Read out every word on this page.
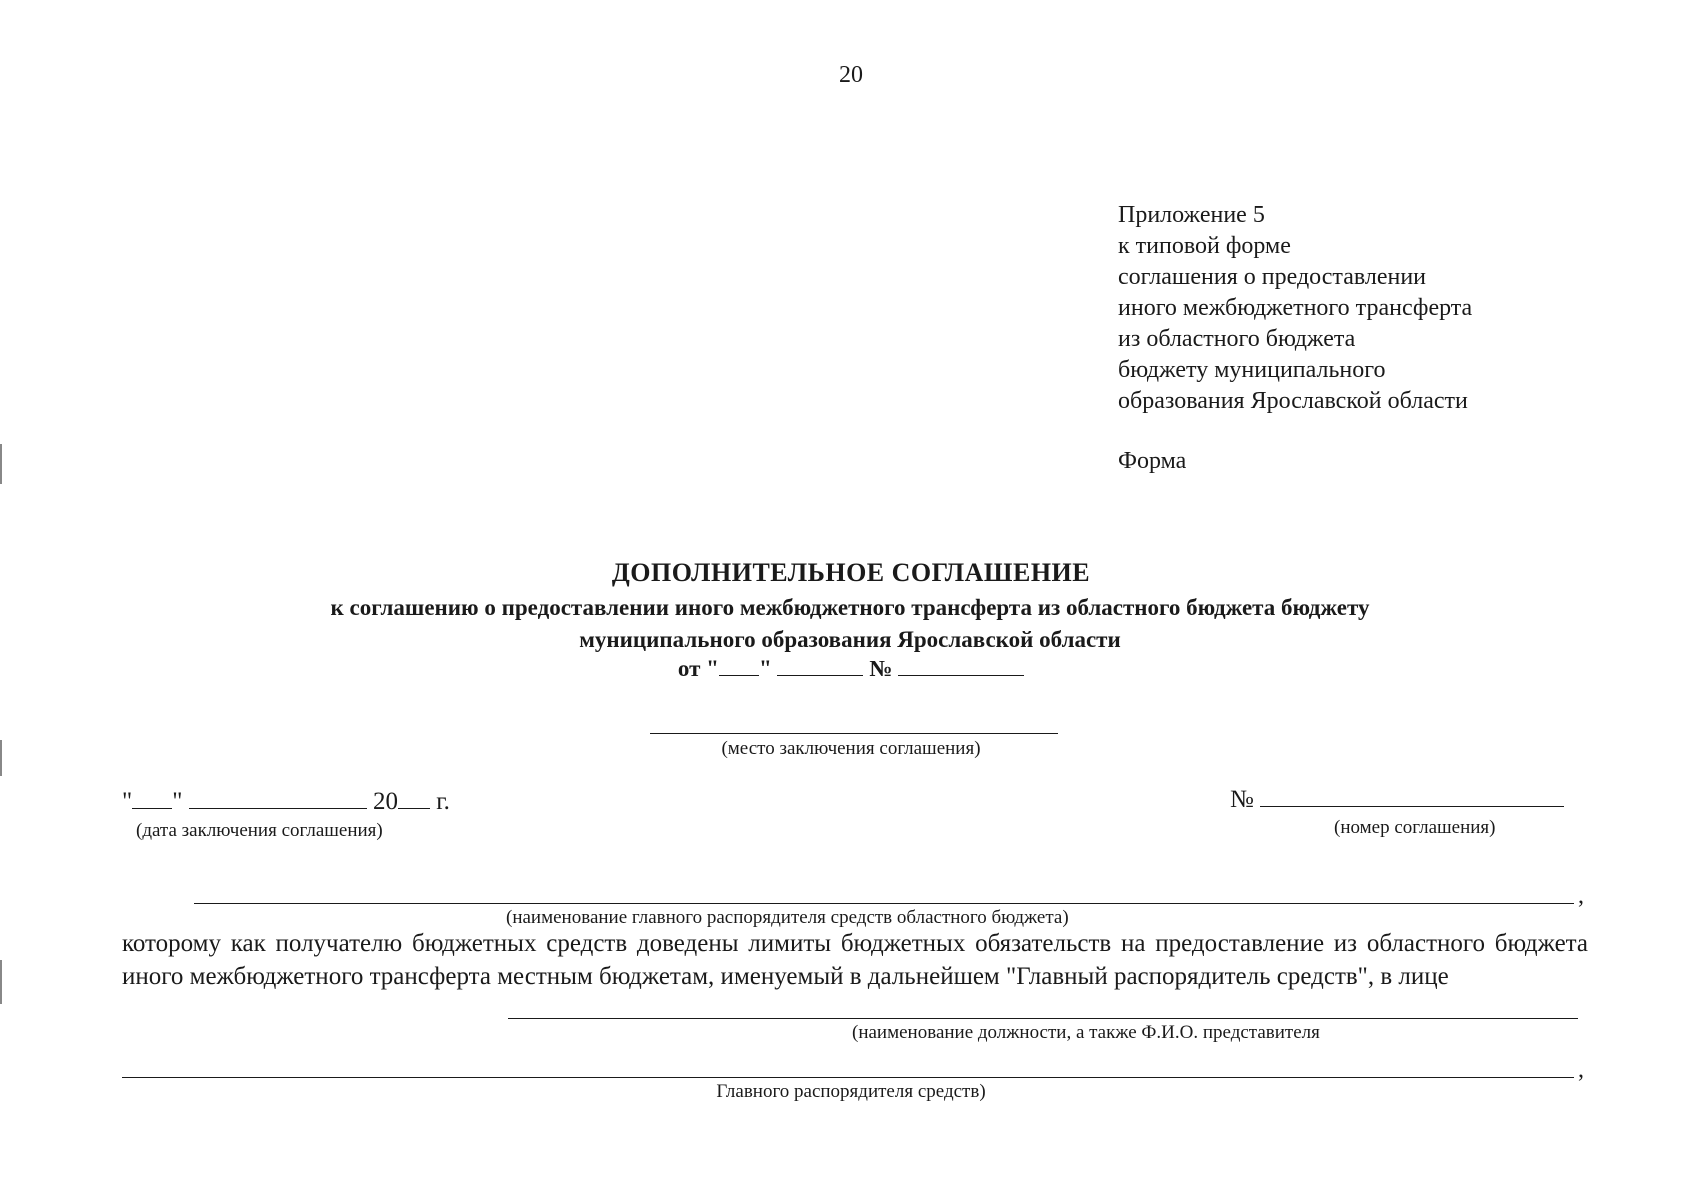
20
Приложение 5
к типовой форме
соглашения о предоставлении
иного межбюджетного трансферта
из областного бюджета
бюджету муниципального
образования Ярославской области
Форма
ДОПОЛНИТЕЛЬНОЕ СОГЛАШЕНИЕ
к соглашению о предоставлении иного межбюджетного трансферта из областного бюджета бюджету
муниципального образования Ярославской области
от " "	№
(место заключения соглашения)
" "	20 г.
(дата заключения соглашения)
№
(номер соглашения)
,
(наименование главного распорядителя средств областного бюджета)
которому как получателю бюджетных средств доведены лимиты бюджетных обязательств на предоставление из областного бюджета иного межбюджетного трансферта местным бюджетам, именуемый в дальнейшем "Главный распорядитель средств", в лице
(наименование должности, а также Ф.И.О. представителя
,
Главного распорядителя средств)
